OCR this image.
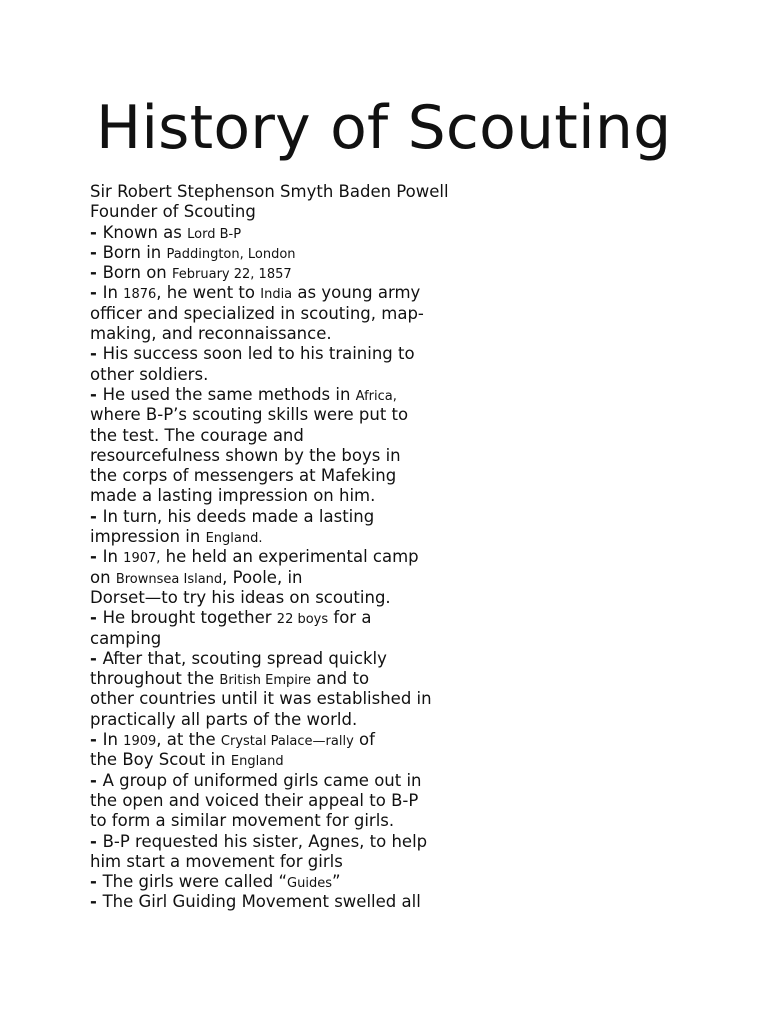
History of Scouting
Sir Robert Stephenson Smyth Baden Powell
Founder of Scouting
- Known as Lord B-P
- Born in Paddington, London
- Born on February 22, 1857
- In 1876, he went to India as young army
officer and specialized in scouting, map-
making, and reconnaissance.
- His success soon led to his training to
other soldiers.
- He used the same methods in Africa,
where B-P’s scouting skills were put to
the test. The courage and
resourcefulness shown by the boys in
the corps of messengers at Mafeking
made a lasting impression on him.
- In turn, his deeds made a lasting
impression in England.
- In 1907, he held an experimental camp
on Brownsea Island, Poole, in
Dorset—to try his ideas on scouting.
- He brought together 22 boys for a
camping
- After that, scouting spread quickly
throughout the British Empire and to
other countries until it was established in
practically all parts of the world.
- In 1909, at the Crystal Palace—rally of
the Boy Scout in England
- A group of uniformed girls came out in
the open and voiced their appeal to B-P
to form a similar movement for girls.
- B-P requested his sister, Agnes, to help
him start a movement for girls
- The girls were called “Guides”
- The Girl Guiding Movement swelled all
